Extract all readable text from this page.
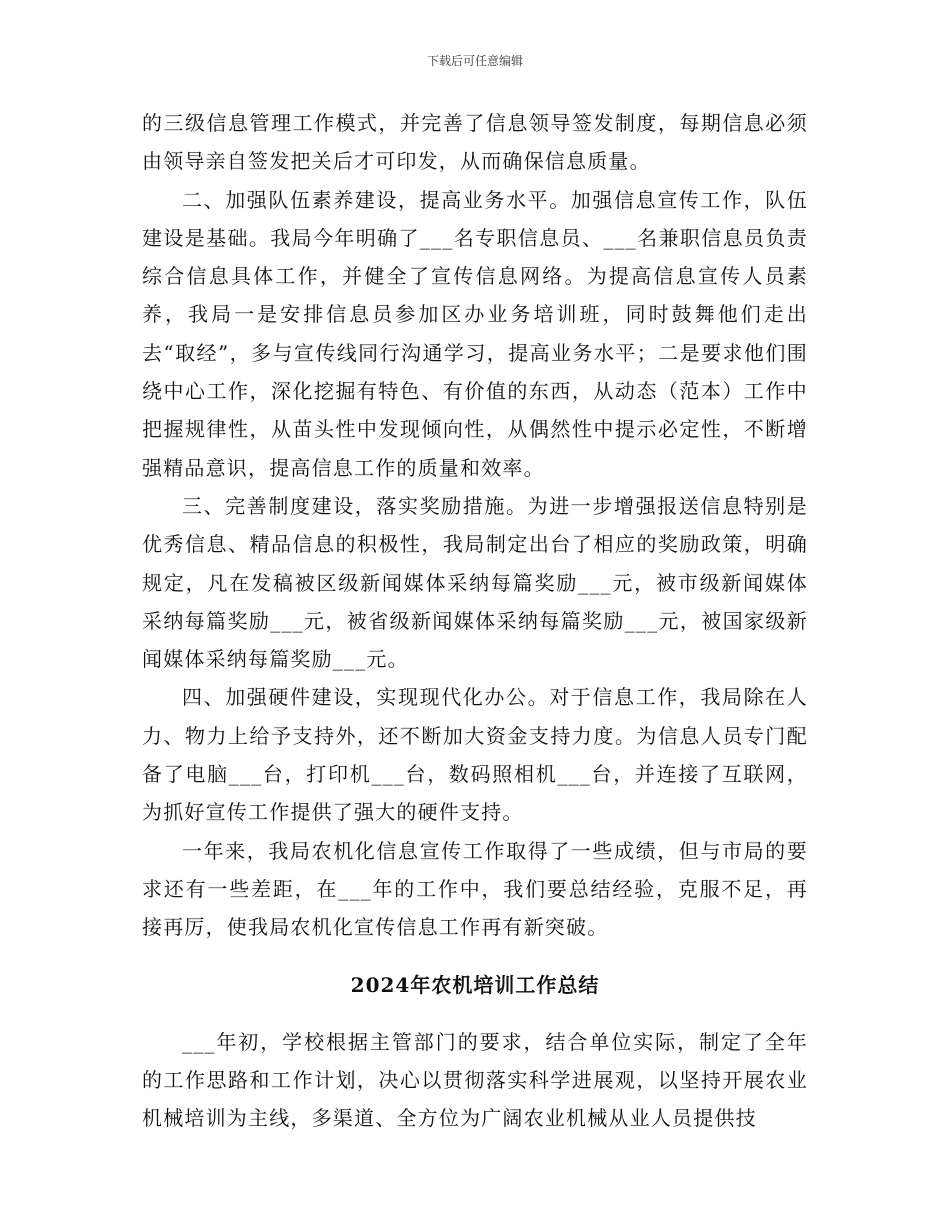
下载后可任意编辑

的三级信息管理工作模式，并完善了信息领导签发制度，每期信息必须由领导亲自签发把关后才可印发，从而确保信息质量。

二、加强队伍素养建设，提高业务水平。加强信息宣传工作，队伍建设是基础。我局今年明确了___名专职信息员、___名兼职信息员负责综合信息具体工作，并健全了宣传信息网络。为提高信息宣传人员素养，我局一是安排信息员参加区办业务培训班，同时鼓舞他们走出去“取经”，多与宣传线同行沟通学习，提高业务水平；二是要求他们围绕中心工作，深化挖掘有特色、有价值的东西，从动态（范本）工作中把握规律性，从苗头性中发现倾向性，从偶然性中提示必定性，不断增强精品意识，提高信息工作的质量和效率。

三、完善制度建设，落实奖励措施。为进一步增强报送信息特别是优秀信息、精品信息的积极性，我局制定出台了相应的奖励政策，明确规定，凡在发稿被区级新闻媒体采纳每篇奖励___元，被市级新闻媒体采纳每篇奖励___元，被省级新闻媒体采纳每篇奖励___元，被国家级新闻媒体采纳每篇奖励___元。

四、加强硬件建设，实现现代化办公。对于信息工作，我局除在人力、物力上给予支持外，还不断加大资金支持力度。为信息人员专门配备了电脑___台，打印机___台，数码照相机___台，并连接了互联网，为抓好宣传工作提供了强大的硬件支持。

一年来，我局农机化信息宣传工作取得了一些成绩，但与市局的要求还有一些差距，在___年的工作中，我们要总结经验，克服不足，再接再厉，使我局农机化宣传信息工作再有新突破。

2024年农机培训工作总结

___年初，学校根据主管部门的要求，结合单位实际，制定了全年的工作思路和工作计划，决心以贯彻落实科学进展观，以坚持开展农业机械培训为主线，多渠道、全方位为广阔农业机械从业人员提供技
